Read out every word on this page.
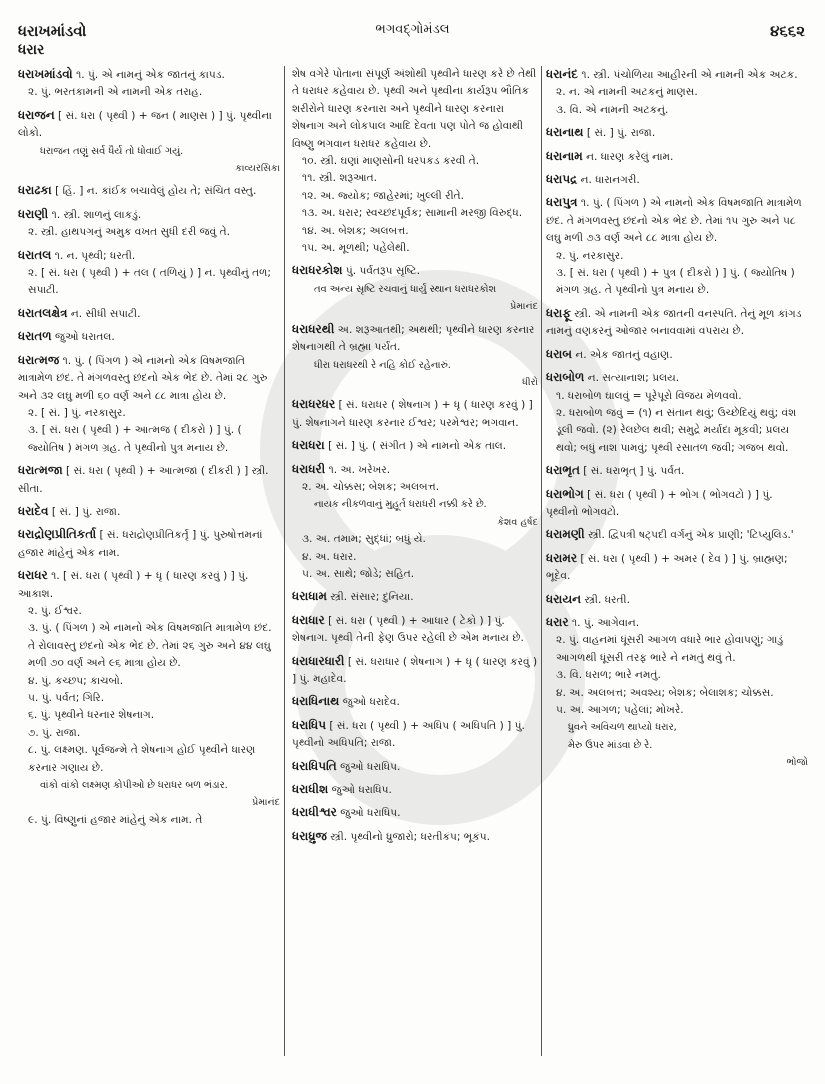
ધરાખમાંડવો	ભગવદ્ગોમંડલ	૪૬૬૨
ધરાર
ધરાખમાંડવો ૧. પું. એ નામનું એક જાતનું કાપડ.
૨. પું. ભરતકામની એ નામની એક તરાહ.
ધરાજન [ સં. ધરા ( પૃથ્વી ) + જન ( માણસ ) ] પું. પૃથ્વીના લોકો.
ધરાજન તણું સર્વ ધૈર્ય તો ધોવાઈ ગયું.
કાવ્યરસિકા
ધરાઢકા [ હિં. ] ન. કાંઈક બચાવેલું હોય તે; સંચિત વસ્તુ.
ધરાણી ૧. સ્ત્રી. શાળનું લાકડું.
૨. સ્ત્રી. હાથપગનું અમુક વખત સુધી દરી જવું તે.
ધરાતલ ૧. ન. પૃથ્વી; ધરતી.
૨. [ સં. ધરા ( પૃથ્વી ) + તલ ( તળિયું ) ] ન. પૃથ્વીનું તળ; સપાટી.
ધરાતલક્ષેત્ર ન. સીધી સપાટી.
ધરાતળ જુઓ ધરાતલ.
ધરાત્મજ ૧. પું. ( પિંગળ ) એ નામનો એક વિષમજાતિ માત્રામેળ છંદ. તે મંગળવસ્તુ છંદનો એક ભેદ છે. તેમાં ૨૮ ગુરુ અને ૩૨ લઘુ મળી ૬૦ વર્ણ અને ૮૮ માત્રા હોય છે.
૨. [ સં. ] પું. નરકાસુર.
૩. [ સં. ધરા ( પૃથ્વી ) + આત્મજ ( દીકરો ) ] પું. ( જ્યોતિષ ) મંગળ ગ્રહ. તે પૃથ્વીનો પુત્ર મનાય છે.
ધરાત્મજા [ સં. ધરા ( પૃથ્વી ) + આત્મજા ( દીકરી ) ] સ્ત્રી. સીતા.
ધરાદેવ [ સં. ] પું. રાજા.
ધરાદ્રોણપ્રીતિકર્તા [ સં. ધરાદ્રોણપ્રીતિકર્તૃ ] પું. પુરુષોત્તમનાં હજાર માંહેનું એક નામ.
ધરાધર ૧. [ સં. ધરા ( પૃથ્વી ) + ધૃ ( ધારણ કરવું ) ] પું. આકાશ.
૨. પું. ઈશ્વર.
૩. પું. ( પિંગળ ) એ નામનો એક વિષમજાતિ માત્રામેળ છંદ. તે રોલાવસ્તુ છંદનો એક ભેદ છે. તેમાં ૨૬ ગુરુ અને ૪૪ લઘુ મળી ૭૦ વર્ણ અને ૯૬ માત્રા હોય છે.
૪. પું. કચ્છપ; કાચબો.
૫. પું. પર્વત; ગિરિ.
૬. પું. પૃથ્વીને ધરનાર શેષનાગ.
૭. પું. રાજા.
૮. પું. લક્ષ્મણ. પૂર્વજન્મે તે શેષનાગ હોઈ પૃથ્વીને ધારણ કરનાર ગણાય છે.
વાંકો વાંકો લક્ષ્મણ કોપીઓ છે ધરાધર બળ ભંડાર.
પ્રેમાનંદ
૯. પું. વિષ્ણુનાં હજાર માંહેનું એક નામ. તે
શેષ વગેરે પોતાના સંપૂર્ણ અંશોથી પૃથ્વીને ધારણ કરે છે તેથી તે ધરાધર કહેવાય છે. પૃથ્વી અને પૃથ્વીના કાર્યરૂપ ભૌતિક શરીરોને ધારણ કરનારા અને પૃથ્વીને ધારણ કરનારા શેષનાગ અને લોકપાલ આદિ દેવતા પણ પોતે જ હોવાથી વિષ્ણુ ભગવાન ધરાધર કહેવાય છે.
૧૦. સ્ત્રી. ઘણાં માણસોની ધરપકડ કરવી તે.
૧૧. સ્ત્રી. શરૂઆત.
૧૨. અ. જ્યોક; જાહેરમાં; ખુલ્લી રીતે.
૧૩. અ. ધરાર; સ્વચ્છંદપૂર્વક; સામાની મરજી વિરુદ્ધ.
૧૪. અ. બેશક; અલબત્ત.
૧૫. અ. મૂળથી; પહેલેથી.
ધરાધરકોશ પું. પર્વતરૂપ સૃષ્ટિ.
તવ અન્ય સૃષ્ટિ રચવાનું ધાર્યું સ્થાન ધરાધરકોશ
પ્રેમાનંદ
ધરાધરથી અ. શરૂઆતથી; અથથી; પૃથ્વીને ધારણ કરનાર શેષનાગથી તે બ્રહ્મા પર્યંત.
ધીરા ધરાધરથી રે નહિ કોઈ રહેનારું.
ધીરો
ધરાધરધર [ સં. ધરાધર ( શેષનાગ ) + ધૃ ( ધારણ કરવું ) ] પું. શેષનાગને ધારણ કરનાર ઈશ્વર; પરમેશ્વર; ભગવાન.
ધરાધરા [ સં. ] પું. ( સંગીત ) એ નામનો એક તાલ.
ધરાધરી ૧. અ. ખરેખર.
૨. અ. ચોક્કસ; બેશક; અલબત્ત.
નાયક નીકળવાનું મુહૂર્ત ધરાધરી નક્કી કરે છે.
કેશવ હર્ષદ
૩. અ. તમામ; સુદ્ધાં; બધું યે.
૪. અ. ધરાર.
૫. અ. સાથે; જોડે; સહિત.
ધરાધામ સ્ત્રી. સંસાર; દુનિયા.
ધરાધાર [ સં. ધરા ( પૃથ્વી ) + આધાર ( ટેકો ) ] પું. શેષનાગ. પૃથ્વી તેની ફેણ ઉપર રહેલી છે એમ મનાય છે.
ધરાધારધારી [ સં. ધરાધાર ( શેષનાગ ) + ધૃ ( ધારણ કરવું ) ] પું. મહાદેવ.
ધરાધિનાથ જુઓ ધરાદેવ.
ધરાધિપ [ સં. ધરા ( પૃથ્વી ) + અધિપ ( અધિપતિ ) ] પું. પૃથ્વીનો અધિપતિ; રાજા.
ધરાધિપતિ જુઓ ધરાધિપ.
ધરાધીશ જુઓ ધરાધિપ.
ધરાધીશ્વર જુઓ ધરાધિપ.
ધરાધ્રુજ સ્ત્રી. પૃથ્વીનો ધ્રુજારો; ધરતીકંપ; ભૂકંપ.
ધરાનંદ ૧. સ્ત્રી. પંચોળિયા આહીરની એ નામની એક અટક.
૨. ન. એ નામની અટકનું માણસ.
૩. વિ. એ નામની અટકનું.
ધરાનાથ [ સં. ] પું. રાજા.
ધરાનામ ન. ધારણ કરેલું નામ.
ધરાપદ્ર ન. ધારાનગરી.
ધરાપુત્ર ૧. પું. ( પિંગળ ) એ નામનો એક વિષમજાતિ માત્રામેળ છંદ. તે મંગળવસ્તુ છંદનો એક ભેદ છે. તેમાં ૧૫ ગુરુ અને ૫૮ લઘુ મળી ૭૩ વર્ણ અને ૮૮ માત્રા હોય છે.
૨. પું. નરકાસુર.
૩. [ સં. ધરા ( પૃથ્વી ) + પુત્ર ( દીકરો ) ] પું. ( જ્યોતિષ ) મંગળ ગ્રહ. તે પૃથ્વીનો પુત્ર મનાય છે.
ધરાફૂ સ્ત્રી. એ નામની એક જાતની વનસ્પતિ. તેનું મૂળ કાંગડ નામનું વણકરનું ઓજાર બનાવવામાં વપરાય છે.
ધરાબ ન. એક જાતનું વહાણ.
ધરાબોળ ન. સત્યાનાશ; પ્રલય.
૧. ધરાબોળ ઘાલવું = પૂરેપૂરો વિજય મેળવવો.
૨. ધરાબોળ જવું = (૧) ન સંતાન થવું; ઉચ્છેદિયું થવું; વંશ ડૂલી જવો. (૨) રેલછેલ થવી; સમુદ્રે મર્યાદા મૂકવી; પ્રલય થવો; બધું નાશ પામવું; પૃથ્વી રસાતળ જવી; ગજબ થવો.
ધરાભૃત [ સં. ધરાભૃત્ ] પું. પર્વત.
ધરાભોગ [ સં. ધરા ( પૃથ્વી ) + ભોગ ( ભોગવટો ) ] પું. પૃથ્વીનો ભોગવટો.
ધરામણી સ્ત્રી. દ્વિપત્રી ષટ્પદી વર્ગનું એક પ્રાણી; 'ટિપ્યુલિડ.'
ધરામર [ સં. ધરા ( પૃથ્વી ) + અમર ( દેવ ) ] પું. બ્રાહ્મણ; ભૂદેવ.
ધરાયન સ્ત્રી. ધરતી.
ધરાર ૧. પું. આગેવાન.
૨. પું. વાહનમાં ધૂંસરી આગળ વધારે ભાર હોવાપણું; ગાડું આગળથી ધૂંસરી તરફ ભારે ને નમતું થવું તે.
૩. વિ. ધરાળ; ભારે નમતું.
૪. અ. અલબત્ત; અવશ્ય; બેશક; બેલાશક; ચોક્કસ.
૫. અ. આગળ; પહેલાં; મોખરે.
ધ્રુવને અવિચળ થાપ્યો ધરાર,
મેરુ ઉપર માંડવા છે રે.
ભોજો
